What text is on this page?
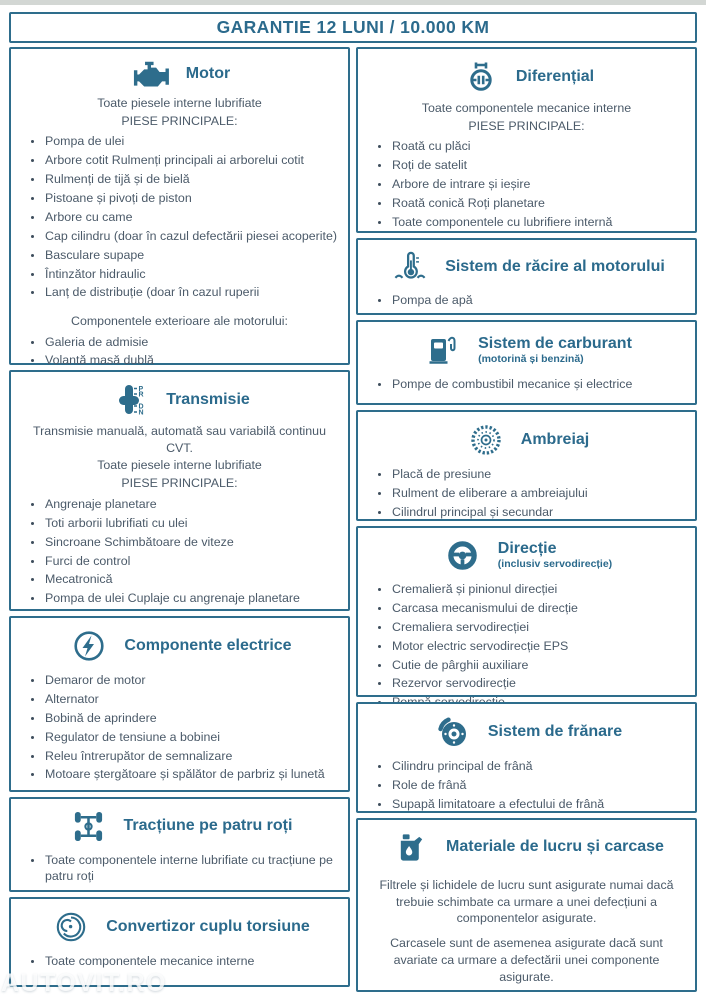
GARANTIE 12 LUNI / 10.000 KM
Motor

Toate piesele interne lubrifiate

PIESE PRINCIPALE:

• Pompa de ulei
• Arbore cotit Rulmenți principali ai arborelui cotit
• Rulmenți de tijă și de bielă
• Pistoane și pivoți de piston
• Arbore cu came
• Cap cilindru (doar în cazul defectării piesei acoperite)
• Basculare supape
• Întinzător hidraulic
• Lanț de distribuție (doar în cazul ruperii

Componentele exterioare ale motorului:

• Galeria de admisie
• Volantă masă dublă
•
P
R
D
N
Transmisie

Transmisie manuală, automată sau variabilă continuu CVT.

Toate piesele interne lubrifiate

PIESE PRINCIPALE:

• Angrenaje planetare
• Toti arborii lubrifiati cu ulei
• Sincroane Schimbătoare de viteze
• Furci de control
• Mecatronică
• Pompa de ulei Cuplaje cu angrenaje planetare
Componente electrice
• Demaror de motor
• Alternator
• Bobină de aprindere
• Regulator de tensiune a bobinei
• Releu întrerupător de semnalizare
• Motoare ștergătoare și spălător de parbriz și lunetă
Tracțiune pe patru roți
• Toate componentele interne lubrifiate cu tracțiune pe patru roți
Convertizor cuplu torsiune
• Toate componentele mecanice interne
Diferențial

Toate componentele mecanice interne

PIESE PRINCIPALE:

• Roată cu plăci
• Roți de satelit
• Arbore de intrare și ieșire
• Roată conică Roți planetare
• Toate componentele cu lubrifiere internă
Sistem de răcire al motorului
• Pompa de apă
Sistem de carburant
(motorină și benzină)
• Pompe de combustibil mecanice și electrice
Ambreiaj
• Placă de presiune
• Rulment de eliberare a ambreiajului
• Cilindrul principal și secundar
Direcție
(inclusiv servodirecție)
• Cremalieră și pinionul direcției
• Carcasa mecanismului de direcție
• Cremaliera servodirecției
• Motor electric servodirecție EPS
• Cutie de pârghii auxiliare
• Rezervor servodirecție
•
Sistem de frănare
• Cilindru principal de frână
• Role de frână
• Supapă limitatoare a efectului de frână
Materiale de lucru și carcase

Filtrele și lichidele de lucru sunt asigurate numai dacă trebuie schimbate ca urmare a unei defecțiuni a componentelor asigurate.

Carcasele sunt de asemenea asigurate dacă sunt avariate ca urmare a defectării unei componente asigurate.

AUTOVIT.RO
